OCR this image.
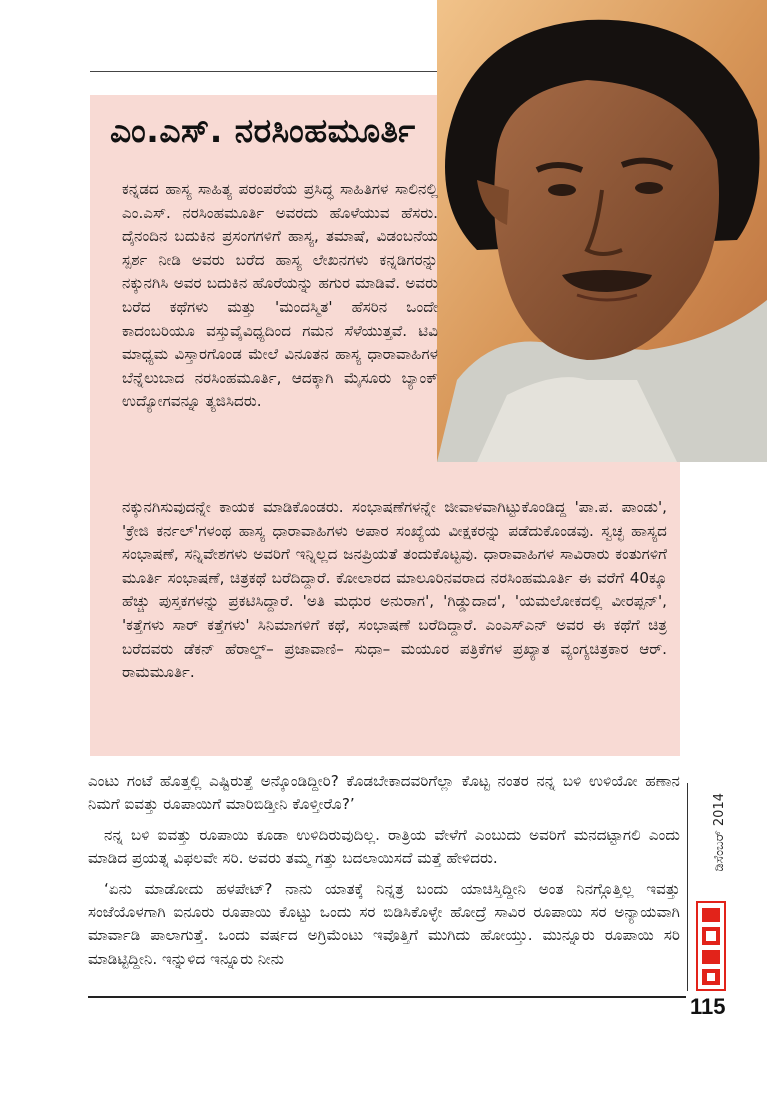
ಎಂ.ಎಸ್. ನರಸಿಂಹಮೂರ್ತಿ
ಕನ್ನಡದ ಹಾಸ್ಯ ಸಾಹಿತ್ಯ ಪರಂಪರೆಯ ಪ್ರಸಿದ್ಧ ಸಾಹಿತಿಗಳ ಸಾಲಿನಲ್ಲಿ ಎಂ.ಎಸ್. ನರಸಿಂಹಮೂರ್ತಿ ಅವರದು ಹೊಳೆಯುವ ಹೆಸರು. ದೈನಂದಿನ ಬದುಕಿನ ಪ್ರಸಂಗಗಳಿಗೆ ಹಾಸ್ಯ, ತಮಾಷೆ, ವಿಡಂಬನೆಯ ಸ್ಪರ್ಶ ನೀಡಿ ಅವರು ಬರೆದ ಹಾಸ್ಯ ಲೇಖನಗಳು ಕನ್ನಡಿಗರನ್ನು ನಕ್ಕುನಗಿಸಿ ಅವರ ಬದುಕಿನ ಹೊರೆಯನ್ನು ಹಗುರ ಮಾಡಿವೆ. ಅವರು ಬರೆದ ಕಥೆಗಳು ಮತ್ತು 'ಮಂದಸ್ಮಿತ' ಹೆಸರಿನ ಒಂದೇ ಕಾದಂಬರಿಯೂ ವಸ್ತುವೈವಿಧ್ಯದಿಂದ ಗಮನ ಸೆಳೆಯುತ್ತವೆ. ಟಿವಿ ಮಾಧ್ಯಮ ವಿಸ್ತಾರಗೊಂಡ ಮೇಲೆ ವಿನೂತನ ಹಾಸ್ಯ ಧಾರಾವಾಹಿಗಳ ಬೆನ್ನೆಲುಬಾದ ನರಸಿಂಹಮೂರ್ತಿ, ಆದಕ್ಕಾಗಿ ಮೈಸೂರು ಬ್ಯಾಂಕ್ ಉದ್ಯೋಗವನ್ನೂ ತ್ಯಜಿಸಿದರು.
ನಕ್ಕುನಗಿಸುವುದನ್ನೇ ಕಾಯಕ ಮಾಡಿಕೊಂಡರು. ಸಂಭಾಷಣೆಗಳನ್ನೇ ಜೀವಾಳವಾಗಿಟ್ಟುಕೊಂಡಿದ್ದ 'ಪಾ.ಪ. ಪಾಂಡು', 'ಕ್ರೇಜಿ ಕರ್ನಲ್'ಗಳಂಥ ಹಾಸ್ಯ ಧಾರಾವಾಹಿಗಳು ಅಪಾರ ಸಂಖ್ಯೆಯ ವೀಕ್ಷಕರನ್ನು ಪಡೆದುಕೊಂಡವು. ಸ್ವಚ್ಛ ಹಾಸ್ಯದ ಸಂಭಾಷಣೆ, ಸನ್ನಿವೇಶಗಳು ಅವರಿಗೆ ಇನ್ನಿಲ್ಲದ ಜನಪ್ರಿಯತೆ ತಂದುಕೊಟ್ಟವು. ಧಾರಾವಾಹಿಗಳ ಸಾವಿರಾರು ಕಂತುಗಳಿಗೆ ಮೂರ್ತಿ ಸಂಭಾಷಣೆ, ಚಿತ್ರಕಥೆ ಬರೆದಿದ್ದಾರೆ. ಕೋಲಾರದ ಮಾಲೂರಿನವರಾದ ನರಸಿಂಹಮೂರ್ತಿ ಈ ವರೆಗೆ 40ಕ್ಕೂ ಹೆಚ್ಚು ಪುಸ್ತಕಗಳನ್ನು ಪ್ರಕಟಿಸಿದ್ದಾರೆ. 'ಅತಿ ಮಧುರ ಅನುರಾಗ', 'ಗಿಡ್ಡುದಾದ', 'ಯಮಲೋಕದಲ್ಲಿ ವೀರಪ್ಪನ್', 'ಕತ್ತೆಗಳು ಸಾರ್ ಕತ್ತೆಗಳು' ಸಿನಿಮಾಗಳಿಗೆ ಕಥೆ, ಸಂಭಾಷಣೆ ಬರೆದಿದ್ದಾರೆ. ಎಂಎಸ್ಎನ್ ಅವರ ಈ ಕಥೆಗೆ ಚಿತ್ರ ಬರೆದವರು ಡೆಕನ್ ಹೆರಾಲ್ಡ್– ಪ್ರಜಾವಾಣಿ– ಸುಧಾ– ಮಯೂರ ಪತ್ರಿಕೆಗಳ ಪ್ರಖ್ಯಾತ ವ್ಯಂಗ್ಯಚಿತ್ರಕಾರ ಆರ್. ರಾಮಮೂರ್ತಿ.

ಎಂಟು ಗಂಟೆ ಹೊತ್ತಲ್ಲಿ ಎಷ್ಟಿರುತ್ತೆ ಅನ್ಕೊಂಡಿದ್ದೀರಿ? ಕೊಡಬೇಕಾದವರಿಗೆಲ್ಲಾ ಕೊಟ್ಟ ನಂತರ ನನ್ನ ಬಳಿ ಉಳಿಯೋ ಹಣಾನ ನಿಮಗೆ ಐವತ್ತು ರೂಪಾಯಿಗೆ ಮಾರಿಬಿಡ್ತೀನಿ ಕೊಳ್ತೀರೊ?’

ನನ್ನ ಬಳಿ ಐವತ್ತು ರೂಪಾಯಿ ಕೂಡಾ ಉಳಿದಿರುವುದಿಲ್ಲ. ರಾತ್ರಿಯ ವೇಳೆಗೆ ಎಂಬುದು ಅವರಿಗೆ ಮನದಟ್ಟಾಗಲಿ ಎಂದು ಮಾಡಿದ ಪ್ರಯತ್ನ ವಿಫಲವೇ ಸರಿ. ಅವರು ತಮ್ಮ ಗತ್ತು ಬದಲಾಯಿಸದೆ ಮತ್ತೆ ಹೇಳಿದರು.

‘ಏನು ಮಾಡೋದು ಹಳಪೇಟ್? ನಾನು ಯಾತಕ್ಕೆ ನಿನ್ನತ್ರ ಬಂದು ಯಾಚಿಸ್ತಿದ್ದೀನಿ ಅಂತ ನಿನಗ್ಗೊತ್ತಿಲ್ಲ ಇವತ್ತು ಸಂಜೆಯೊಳಗಾಗಿ ಐನೂರು ರೂಪಾಯಿ ಕೊಟ್ಟು ಒಂದು ಸರ ಬಿಡಿಸಿಕೊಳ್ಳೇ ಹೋದ್ರೆ ಸಾವಿರ ರೂಪಾಯಿ ಸರ ಅನ್ಯಾಯವಾಗಿ ಮಾರ್ವಾಡಿ ಪಾಲಾಗುತ್ತೆ. ಒಂದು ವರ್ಷದ ಅಗ್ರಿಮೆಂಟು ಇವೊತ್ತಿಗೆ ಮುಗಿದು ಹೋಯ್ತು. ಮುನ್ನೂರು ರೂಪಾಯಿ ಸರಿ ಮಾಡಿಟ್ಟಿದ್ದೀನಿ. ಇನ್ನುಳಿದ ಇನ್ನೂರು ನೀನು

ಡಿಸೆಂಬರ್ 2014
115
